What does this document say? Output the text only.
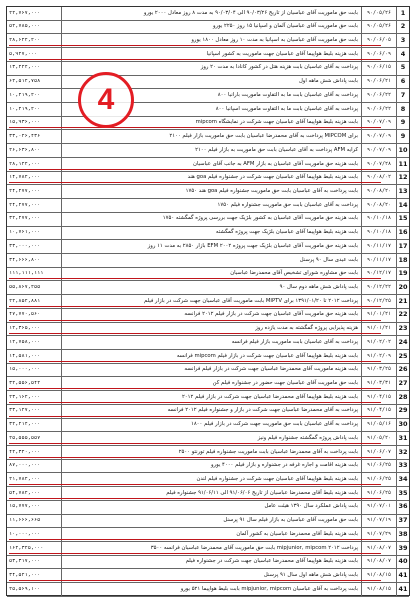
۲۲,۷۶۷,۰۰۰	بابت حق ماموریت آقای عباسیان از تاریخ ۹۰/۰۳/۲۶ الی ۹۰/۰۳/۰۴ به مدت ۸ روز معادل ۲۰۰۰ یورو	۹۰/۰۵/۲۶	1
۵۲,۷۸۵,۰۰۰	بابت حق ماموریت آقای عباسیان آلمان و اسپانیا ۱۵ روز ۲۲۵۰ یورو	۹۰/۰۵/۲۶	2
۲۸,۶۲۲,۲۰۰	بابت حق ماموریت آقای عباسیان به اسپانیا به مدت ۱۰ روز معادل ۱۸۰۰ یورو	۹۰/۰۶/۰۵	3
۵,۹۲۷,۰۰۰	بابت هزینه بلیط هواپیما آقای عباسیان جهت ماموریت به کشور اسپانیا	۹۰/۰۶/۰۹	4
۱۳,۲۴۴,۰۰۰	پرداخت به آقای عباسیان بابت هزینه هتل در کشور کانادا به مدت ۲۰ روز	۹۰/۰۶/۱۵	5
۶۲,۵۱۲,۷۵۸	بابت پاداش شش ماهه اول	۹۰/۰۶/۲۱	6
۱۰,۲۱۹,۲۰۰	پرداخت به آقای عباسیان بابت ما به التفاوت ماموریت بارانیا ۸۰۰	۹۰/۰۶/۲۲	7
۱۰,۲۱۹,۲۰۰	پرداخت به آقای عباسیان بابت ما به التفاوت ماموریت اسپانیا ۸۰۰	۹۰/۰۶/۲۲	8
۱۵,۹۳۶,۰۰۰	بابت هزینه بلیط هواپیما آقای عباسیان جهت شرکت در نمایشگاه mipcom	۹۰/۰۷/۰۹	9
۳۳,۰۴۶,۴۳۶	برای MIPCOM پرداخت به آقای محمدرضا عباسیان بابت حق ماموریت بازار فیلم ۲۱۰۰	۹۰/۰۷/۰۹	9
۲۶,۶۳۶,۸۰۰	کرایه AFM پرداخت به آقای عباسیان بابت حق ماموریت به بازار فیلم ۲۱۰۰	۹۰/۰۷/۰۹	10
۲۸,۱۴۲,۰۰۰	بابت هزینه حق ماموریت آقای عباسیان به بازار AFM به جانب آقای عباسیان	۹۰/۰۷/۲۸	11
۱۴,۷۸۲,۰۰۰	بابت هزینه بلیط هواپیما آقای عباسیان جهت شرکت در جشنواره فیلم goa هند	۹۰/۰۸/۰۲	12
۲۴,۴۷۷,۰۰۰	بابت پرداخت به آقای عباسیان بابت حق ماموریت جشنواره فیلم goa هند ۱۷۵۰	۹۰/۰۸/۲۰	13
۲۴,۴۷۷,۰۰۰	پرداخت به آقای عباسیان بابت حق ماموریت جشنواره فیلم ۱۷۵۰	۹۰/۰۸/۲۰	14
۳۲,۴۷۷,۰۰۰	بابت هزینه حق ماموریت آقای عباسیان به کشور بلژیک جهت بررسی پروژه گمگشته ۱۷۵۰	۹۰/۱۰/۱۸	15
۱۰,۷۶۱,۰۰۰	بابت هزینه بلیط هواپیما آقای عباسیان بلژیک جهت پروژه گمگشته	۹۰/۱۰/۱۸	16
۳۳,۰۰۰,۰۰۰	بابت هزینه حق ماموریت آقای عباسیان بلژیک جهت پروژه ۲۰۰۲ EFM بازار ۲۸۵۰ به مدت ۱۱ روز	۹۰/۱۱/۱۷	17
۳۴,۶۶۶,۸۰۰	بابت عیدی سال ۹۰ پرسنل	۹۰/۱۱/۱۷	18
۱۱۱,۱۱۱,۱۱۱	بابت حق مشاوره شورای تشخیص آقای محمدرضا عباسیان	۹۰/۱۲/۱۷	19
۵۵,۸۶۷,۲۵۵	بابت پاداش شش ماهه دوم سال ۹۰	۹۰/۱۲/۲۲	20
۲۲,۸۵۲,۸۸۱	پرداخت ۲۰۱۲ تا ۱۳۹۱/۰۱/۲۰ برای MIPTV بابت ماموریت آقای عباسیان جهت شرکت در بازار فیلم	۹۰/۱۲/۲۵	21
۴۷,۷۷۰,۵۶۰	بابت هزینه حق ماموریت آقای عباسیان جهت شرکت در بازار فیلم ۲۰۱۲ فرانسه	۹۱/۰۱/۲۱	22
۱۲,۳۶۵,۰۰۰	هزینه پذیرایی پروژه گمگشته به مدت یازده روز	۹۱/۰۱/۲۱	23
۱۲,۷۵۸,۰۰۰	پرداخت به آقای عباسیان بابت ماموریت بازار فیلم فرانسه	۹۱/۰۲/۰۲	24
۱۴,۵۸۱,۰۰۰	بابت هزینه بلیط هواپیما آقای عباسیان جهت شرکت در بازار فیلم mipcom فرانسه	۹۱/۰۲/۰۹	25
۱۵,۰۰۰,۰۰۰	بابت هزینه ماموریت آقای محمدرضا عباسیان جهت شرکت در بازار فیلم فرانسه	۹۱/۰۳/۲۵	26
۳۲,۵۵۶,۵۴۲	بابت حق ماموریت آقای عباسیان جهت حضور در جشنواره فیلم کن	۹۱/۰۳/۳۱	27
۲۳,۱۶۲,۰۰۰	بابت هزینه بلیط هواپیما آقای محمدرضا عباسیان جهت شرکت در بازار فیلم ۲۰۱۲	۹۱/۰۴/۱۵	28
۳۳,۱۴۷,۰۰۰	پرداخت به آقای محمدرضا عباسیان جهت شرکت در بازار و جشنواره فیلم ۲۰۱۲ فرانسه	۹۱/۰۴/۱۵	29
۳۲,۴۱۴,۰۰۰	پرداخت به آقای عباسیان بابت حق ماموریت جهت شرکت در بازار فیلم ۱۸۰۰	۹۱/۰۵/۱۶	30
۲۵,۵۵۵,۵۵۷	بابت پاداش پروژه گمگشته جشنواره فیلم ونیز	۹۱/۰۵/۲۰	31
۴۲,۳۲۰,۰۰۰	بابت پرداخت به آقای محمدرضا عباسیان بابت ماموریت جشنواره فیلم تورنتو ۲۵۰۰	۹۱/۰۶/۰۷	32
۸۷,۰۰۰,۰۰۰	بابت هزینه اقامت و اجاره غرفه در جشنواره و بازار فیلم ۴۰۰۰ یورو	۹۱/۰۶/۲۵	33
۲۱,۷۸۲,۰۰۰	بابت هزینه بلیط هواپیما آقای عباسیان جهت شرکت در جشنواره فیلم لندن	۹۱/۰۶/۲۵	34
۵۴,۷۸۲,۰۰۰	بابت هزینه بلیط آقای محمدرضا عباسیان از تاریخ ۹۱/۰۶/۰۶ الی ۹۱/۰۶/۱۱ جشنواره فیلم	۹۱/۰۶/۲۵	35
۱۵,۷۷۷,۰۰۰	بابت پاداش عملکرد سال ۱۳۹۰ هیئت عامل	۹۱/۰۷/۰۱	36
۱۱,۶۶۶,۶۶۵	بابت حق ماموریت آقای عباسیان به بازار فیلم سال ۹۱ پرسنل	۹۱/۰۷/۱۹	37
۱۰,۰۰۰,۰۰۰	بابت هزینه بلیط آقای محمدرضا عباسیان به کشور آلمان	۹۱/۰۷/۲۹	38
۱۶۲,۳۲۵,۰۰۰	پرداخت ۲۰۱۲ mipjunior, mipcom بابت حق ماموریت آقای محمدرضا عباسیان فرانسه ۳۵۰۰	۹۱/۰۸/۰۷	39
۵۳,۳۱۷,۰۰۰	بابت هزینه بلیط هواپیما آقای محمدرضا عباسیان جهت شرکت در جشنواره فیلم	۹۱/۰۸/۰۷	40
۳۴,۵۴۱,۰۰۰	بابت پاداش شش ماهه اول سال ۹۱ پرسنل	۹۱/۰۸/۱۵	41
۲۵,۵۶۹,۱۰۰	بابت پرداخت به آقای عباسیان mipjunior, mipcom بابت بلیط هواپیما ۵۲۱ یورو	۹۱/۰۸/۱۵	41
4
